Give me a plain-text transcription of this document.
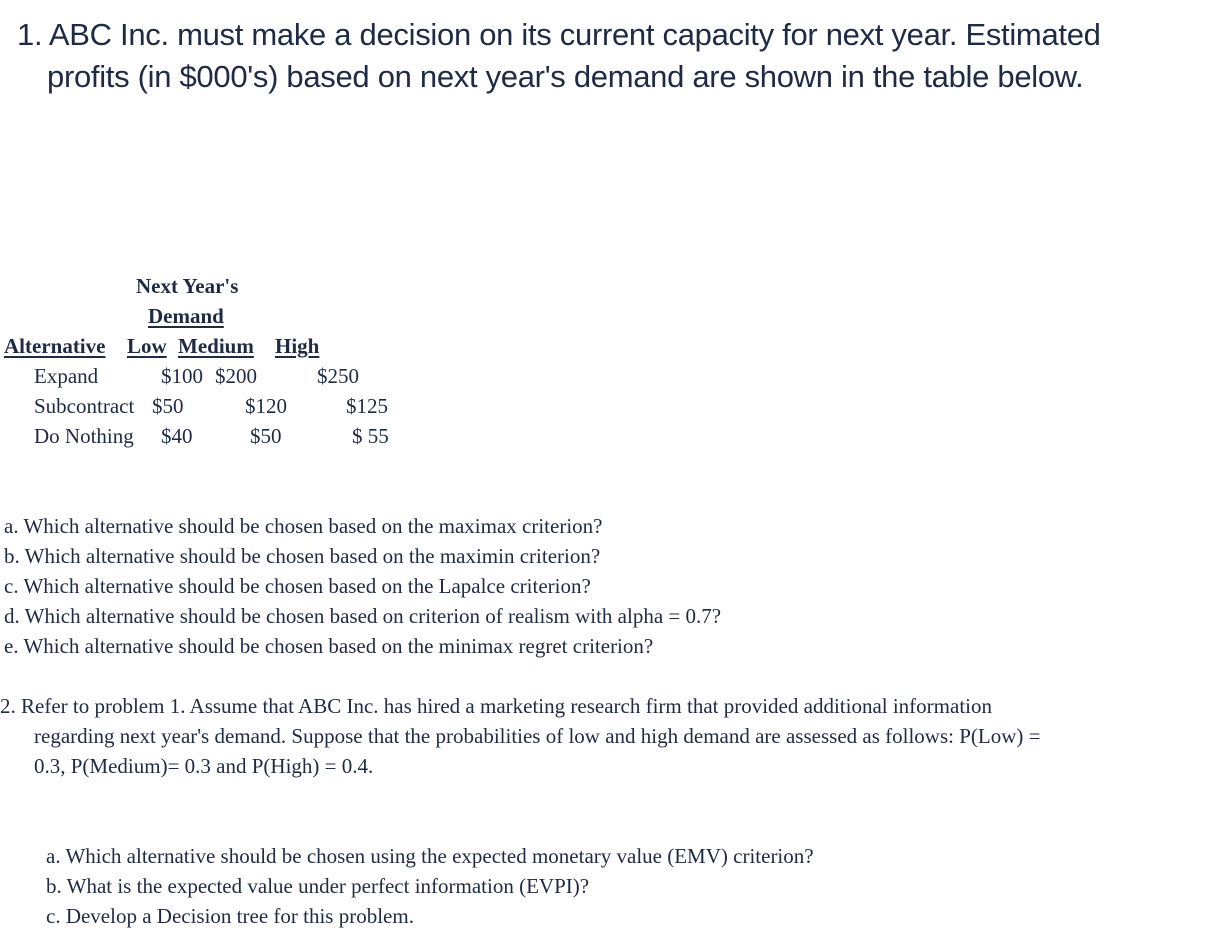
1. ABC Inc. must make a decision on its current capacity for next year. Estimated
profits (in $000's) based on next year's demand are shown in the table below.
Next Year's
Demand
Alternative Low Medium High
Expand	$100 $200	$250
Subcontract $50	$120	$125
Do Nothing $40	$50	$ 55
a. Which alternative should be chosen based on the maximax criterion?
b. Which alternative should be chosen based on the maximin criterion?
c. Which alternative should be chosen based on the Lapalce criterion?
d. Which alternative should be chosen based on criterion of realism with alpha = 0.7?
e. Which alternative should be chosen based on the minimax regret criterion?
2. Refer to problem 1. Assume that ABC Inc. has hired a marketing research firm that provided additional information
regarding next year's demand. Suppose that the probabilities of low and high demand are assessed as follows: P(Low) =
0.3, P(Medium)= 0.3 and P(High) = 0.4.
a. Which alternative should be chosen using the expected monetary value (EMV) criterion?
b. What is the expected value under perfect information (EVPI)?
c. Develop a Decision tree for this problem.
